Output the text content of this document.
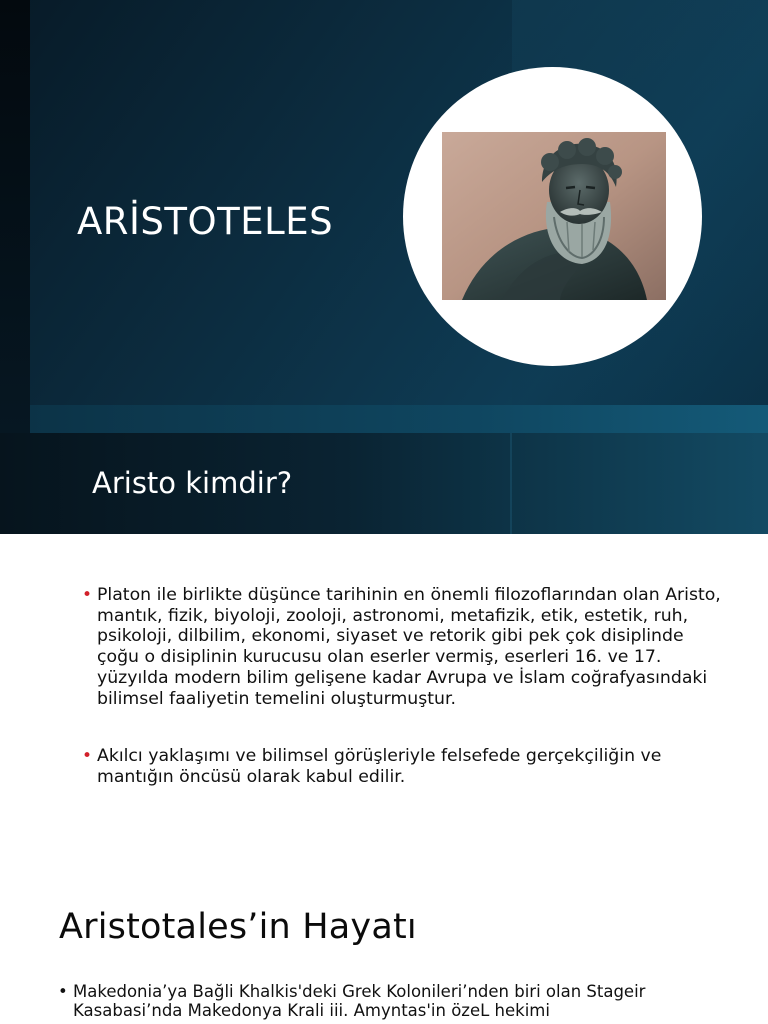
ARİSTOTELES
Aristo kimdir?
• Platon ile birlikte düşünce tarihinin en önemli filozoflarından olan Aristo, mantık, fizik, biyoloji, zooloji, astronomi, metafizik, etik, estetik, ruh, psikoloji, dilbilim, ekonomi, siyaset ve retorik gibi pek çok disiplinde çoğu o disiplinin kurucusu olan eserler vermiş, eserleri 16. ve 17. yüzyılda modern bilim gelişene kadar Avrupa ve İslam coğrafyasındaki bilimsel faaliyetin temelini oluşturmuştur.
• Akılcı yaklaşımı ve bilimsel görüşleriyle felsefede gerçekçiliğin ve mantığın öncüsü olarak kabul edilir.
Aristotales’in Hayatı
• Makedonia’ya Bağli Khalkis'deki Grek Kolonileri’nden biri olan Stageir Kasabasi’nda Makedonya Krali iii. Amyntas'in özeL hekimi
